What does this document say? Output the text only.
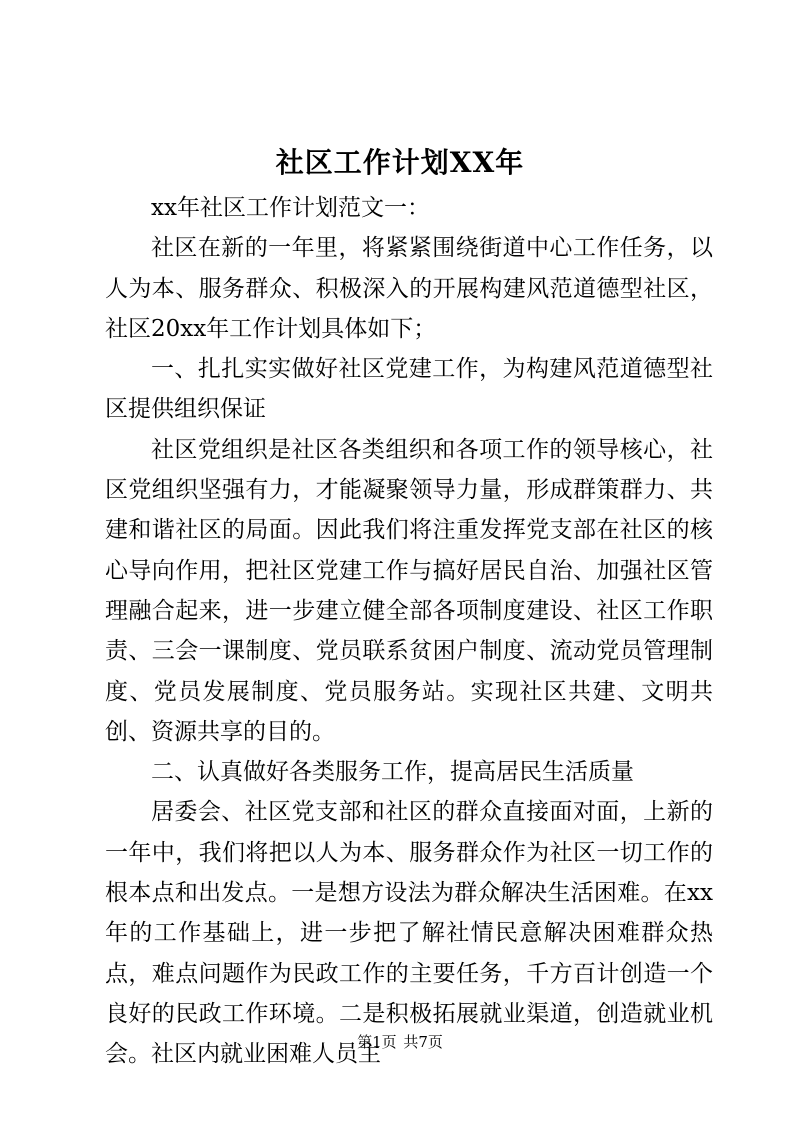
社区工作计划XX年

xx年社区工作计划范文一：

社区在新的一年里，将紧紧围绕街道中心工作任务，以人为本、服务群众、积极深入的开展构建风范道德型社区，社区20xx年工作计划具体如下；

一、扎扎实实做好社区党建工作，为构建风范道德型社区提供组织保证

社区党组织是社区各类组织和各项工作的领导核心，社区党组织坚强有力，才能凝聚领导力量，形成群策群力、共建和谐社区的局面。因此我们将注重发挥党支部在社区的核心导向作用，把社区党建工作与搞好居民自治、加强社区管理融合起来，进一步建立健全部各项制度建设、社区工作职责、三会一课制度、党员联系贫困户制度、流动党员管理制度、党员发展制度、党员服务站。实现社区共建、文明共创、资源共享的目的。

二、认真做好各类服务工作，提高居民生活质量

居委会、社区党支部和社区的群众直接面对面，上新的一年中，我们将把以人为本、服务群众作为社区一切工作的根本点和出发点。一是想方设法为群众解决生活困难。在xx年的工作基础上，进一步把了解社情民意解决困难群众热点，难点问题作为民政工作的主要任务，千方百计创造一个良好的民政工作环境。二是积极拓展就业渠道，创造就业机会。社区内就业困难人员主

第1页 共7页
